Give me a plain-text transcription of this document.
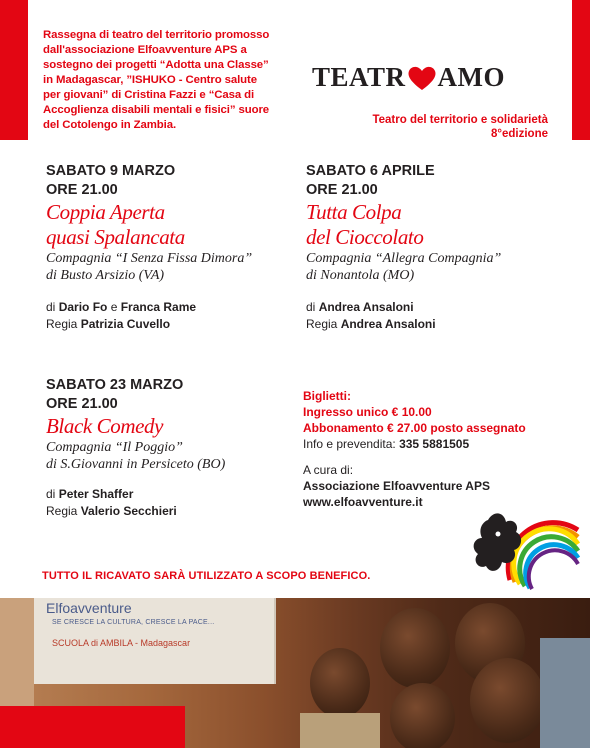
Rassegna di teatro del territorio promosso
dall'associazione Elfoavventure APS a
sostegno dei progetti “Adotta una Classe”
in Madagascar, ”ISHUKO - Centro salute
per giovani” di Cristina Fazzi e “Casa di
Accoglienza disabili mentali e fisici” suore
del Cotolengo in Zambia.
TEATR AMO
Teatro del territorio e solidarietà
8°edizione
SABATO 9 MARZO
ORE 21.00
Coppia Aperta
quasi Spalancata
Compagnia “I Senza Fissa Dimora”
di Busto Arsizio (VA)
di Dario Fo e Franca Rame
Regia Patrizia Cuvello
SABATO 6 APRILE
ORE 21.00
Tutta Colpa
del Cioccolato
Compagnia “Allegra Compagnia”
di Nonantola (MO)
di Andrea Ansaloni
Regia Andrea Ansaloni
SABATO 23 MARZO
ORE 21.00
Black Comedy
Compagnia “Il Poggio”
di S.Giovanni in Persiceto (BO)
di Peter Shaffer
Regia Valerio Secchieri
Biglietti:
Ingresso unico € 10.00
Abbonamento € 27.00 posto assegnato
Info e prevendita: 335 5881505
A cura di:
Associazione Elfoavventure APS
www.elfoavventure.it
TUTTO IL RICAVATO SARÀ UTILIZZATO A SCOPO BENEFICO.
Elfoavventure
SE CRESCE LA CULTURA, CRESCE LA PACE...
SCUOLA di AMBILA - Madagascar
